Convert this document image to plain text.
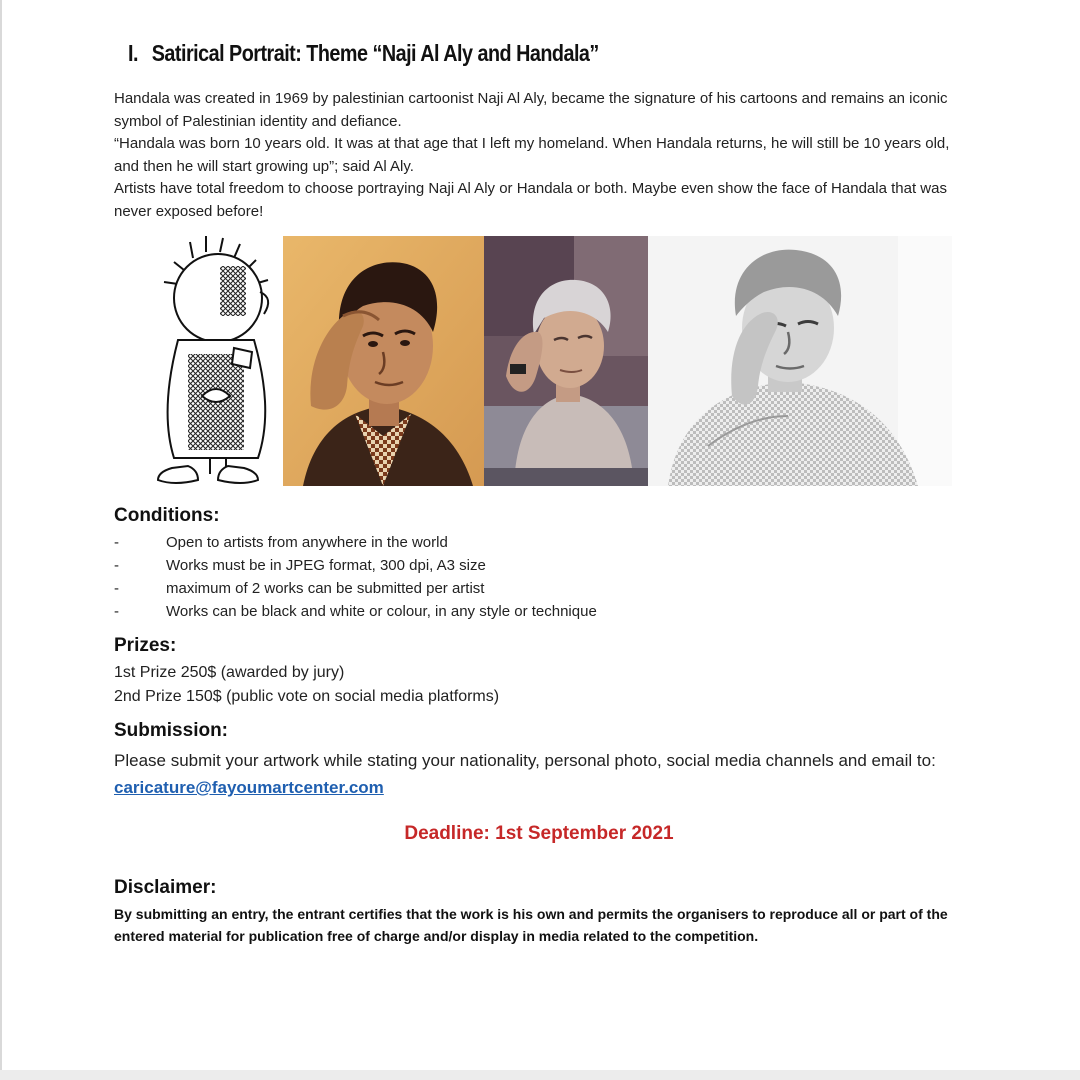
I. Satirical Portrait: Theme “Naji Al Aly and Handala”

Handala was created in 1969 by palestinian cartoonist Naji Al Aly, became the signature of his cartoons and remains an iconic symbol of Palestinian identity and defiance.

“Handala was born 10 years old. It was at that age that I left my homeland. When Handala returns, he will still be 10 years old, and then he will start growing up”; said Al Aly.

Artists have total freedom to choose portraying Naji Al Aly or Handala or both. Maybe even show the face of Handala that was never exposed before!

Conditions:
-	Open to artists from anywhere in the world
-	Works must be in JPEG format, 300 dpi, A3 size
-	maximum of 2 works can be submitted per artist
-	Works can be black and white or colour, in any style or technique
Prizes:
1st Prize 250$ (awarded by jury)
2nd Prize 150$ (public vote on social media platforms)
Submission:
Please submit your artwork while stating your nationality, personal photo, social media channels and email to: caricature@fayoumartcenter.com
Deadline: 1st September 2021
Disclaimer:
By submitting an entry, the entrant certifies that the work is his own and permits the organisers to reproduce all or part of the entered material for publication free of charge and/or display in media related to the competition.
